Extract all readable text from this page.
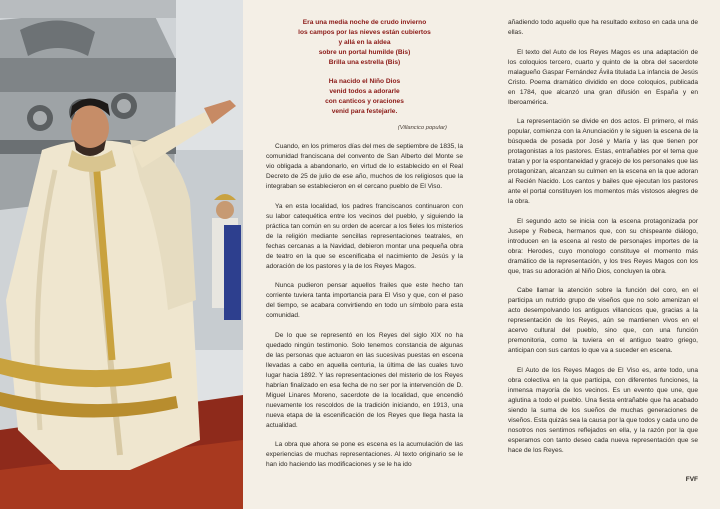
Era una media noche de crudo invierno
los campos por las nieves están cubiertos
y allá en la aldea
sobre un portal humilde (Bis)
Brilla una estrella (Bis)
Ha nacido el Niño Dios
venid todos a adorarle
con canticos y oraciones
venid para festejarle.
(Villancico popular)

Cuando, en los primeros días del mes de septiembre de 1835, la comunidad franciscana del convento de San Alberto del Monte se vio obligada a abandonarlo, en virtud de lo establecido en el Real Decreto de 25 de julio de ese año, muchos de los religiosos que la integraban se establecieron en el cercano pueblo de El Viso.

Ya en esta localidad, los padres franciscanos continuaron con su labor catequética entre los vecinos del pueblo, y siguiendo la práctica tan común en su orden de acercar a los fieles los misterios de la religión mediante sencillas representaciones teatrales, en fechas cercanas a la Navidad, debieron montar una pequeña obra de teatro en la que se escenificaba el nacimiento de Jesús y la adoración de los pastores y la de los Reyes Magos.

Nunca pudieron pensar aquellos frailes que este hecho tan corriente tuviera tanta importancia para El Viso y que, con el paso del tiempo, se acabara convirtiendo en todo un símbolo para esta comunidad.

De lo que se representó en los Reyes del siglo XIX no ha quedado ningún testimonio. Solo tenemos constancia de algunas de las personas que actuaron en las sucesivas puestas en escena llevadas a cabo en aquella centuria, la última de las cuales tuvo lugar hacia 1892. Y las representaciones del misterio de los Reyes habrían finalizado en esa fecha de no ser por la intervención de D. Miguel Linares Moreno, sacerdote de la localidad, que encendió nuevamente los rescoldos de la tradición iniciando, en 1913, una nueva etapa de la escenificación de los Reyes que llega hasta la actualidad.

La obra que ahora se pone es escena es la acumulación de las experiencias de muchas representaciones. Al texto originario se le han ido haciendo las modificaciones y se le ha ido

añadiendo todo aquello que ha resultado exitoso en cada una de ellas.

El texto del Auto de los Reyes Magos es una adaptación de los coloquios tercero, cuarto y quinto de la obra del sacerdote malagueño Gaspar Fernández Ávila titulada La infancia de Jesús Cristo. Poema dramático dividido en doce coloquios, publicada en 1784, que alcanzó una gran difusión en España y en Iberoamérica.

La representación se divide en dos actos. El primero, el más popular, comienza con la Anunciación y le siguen la escena de la búsqueda de posada por José y María y las que tienen por protagonistas a los pastores. Estas, entrañables por el tema que tratan y por la espontaneidad y gracejo de los personales que las protagonizan, alcanzan su culmen en la escena en la que adoran al Recién Nacido. Los cantos y bailes que ejecutan los pastores ante el portal constituyen los momentos más vistosos alegres de la obra.

El segundo acto se inicia con la escena protagonizada por Jusepe y Rebeca, hermanos que, con su chispeante diálogo, introducen en la escena al resto de personajes importes de la obra: Herodes, cuyo monologo constituye el momento más dramático de la representación, y los tres Reyes Magos con los que, tras su adoración al Niño Dios, concluyen la obra.

Cabe llamar la atención sobre la función del coro, en el participa un nutrido grupo de viseños que no solo amenizan el acto desempolvando los antiguos villancicos que, gracias a la representación de los Reyes, aún se mantienen vivos en el acervo cultural del pueblo, sino que, con una función premonitoria, como la tuviera en el antiguo teatro griego, anticipan con sus cantos lo que va a suceder en escena.

El Auto de los Reyes Magos de El Viso es, ante todo, una obra colectiva en la que participa, con diferentes funciones, la inmensa mayoría de los vecinos. Es un evento que une, que aglutina a todo el pueblo. Una fiesta entrañable que ha acabado siendo la suma de los sueños de muchas generaciones de viseños. Esta quizás sea la causa por la que todos y cada uno de nosotros nos sentimos reflejados en ella, y la razón por la que esperamos con tanto deseo cada nueva representación que se hace de los Reyes.

FVF
